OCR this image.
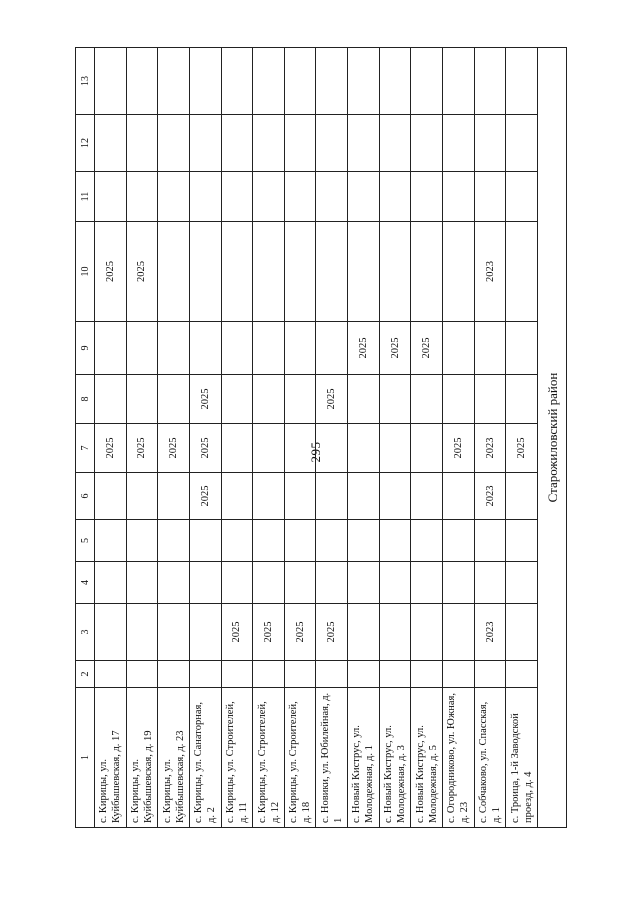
295
1	2	3	4	5	6	7	8	9	10	11	12	13
с. Кирицы, ул. Куйбышевская, д. 17						2025			2025			
с. Кирицы, ул. Куйбышевская, д. 19						2025			2025			
с. Кирицы, ул. Куйбышевская, д. 23						2025						
с. Кирицы, ул. Санаторная, д. 2					2025	2025	2025					
с. Кирицы, ул. Строителей, д. 11		2025										
с. Кирицы, ул. Строителей, д. 12		2025										
с. Кирицы, ул. Строителей, д. 18		2025										
с. Новики, ул. Юбилейная, д. 1		2025					2025					
с. Новый Киструс, ул. Молодежная, д. 1								2025				
с. Новый Киструс, ул. Молодежная, д. 3								2025				
с. Новый Киструс, ул. Молодежная, д. 5								2025				
с. Огородниково, ул. Южная, д. 23						2025						
с. Собчаково, ул. Спасская, д. 1		2023			2023	2023			2023			
с. Троица, 1-й Заводской проезд, д. 4						2025						
Старожиловский район												
